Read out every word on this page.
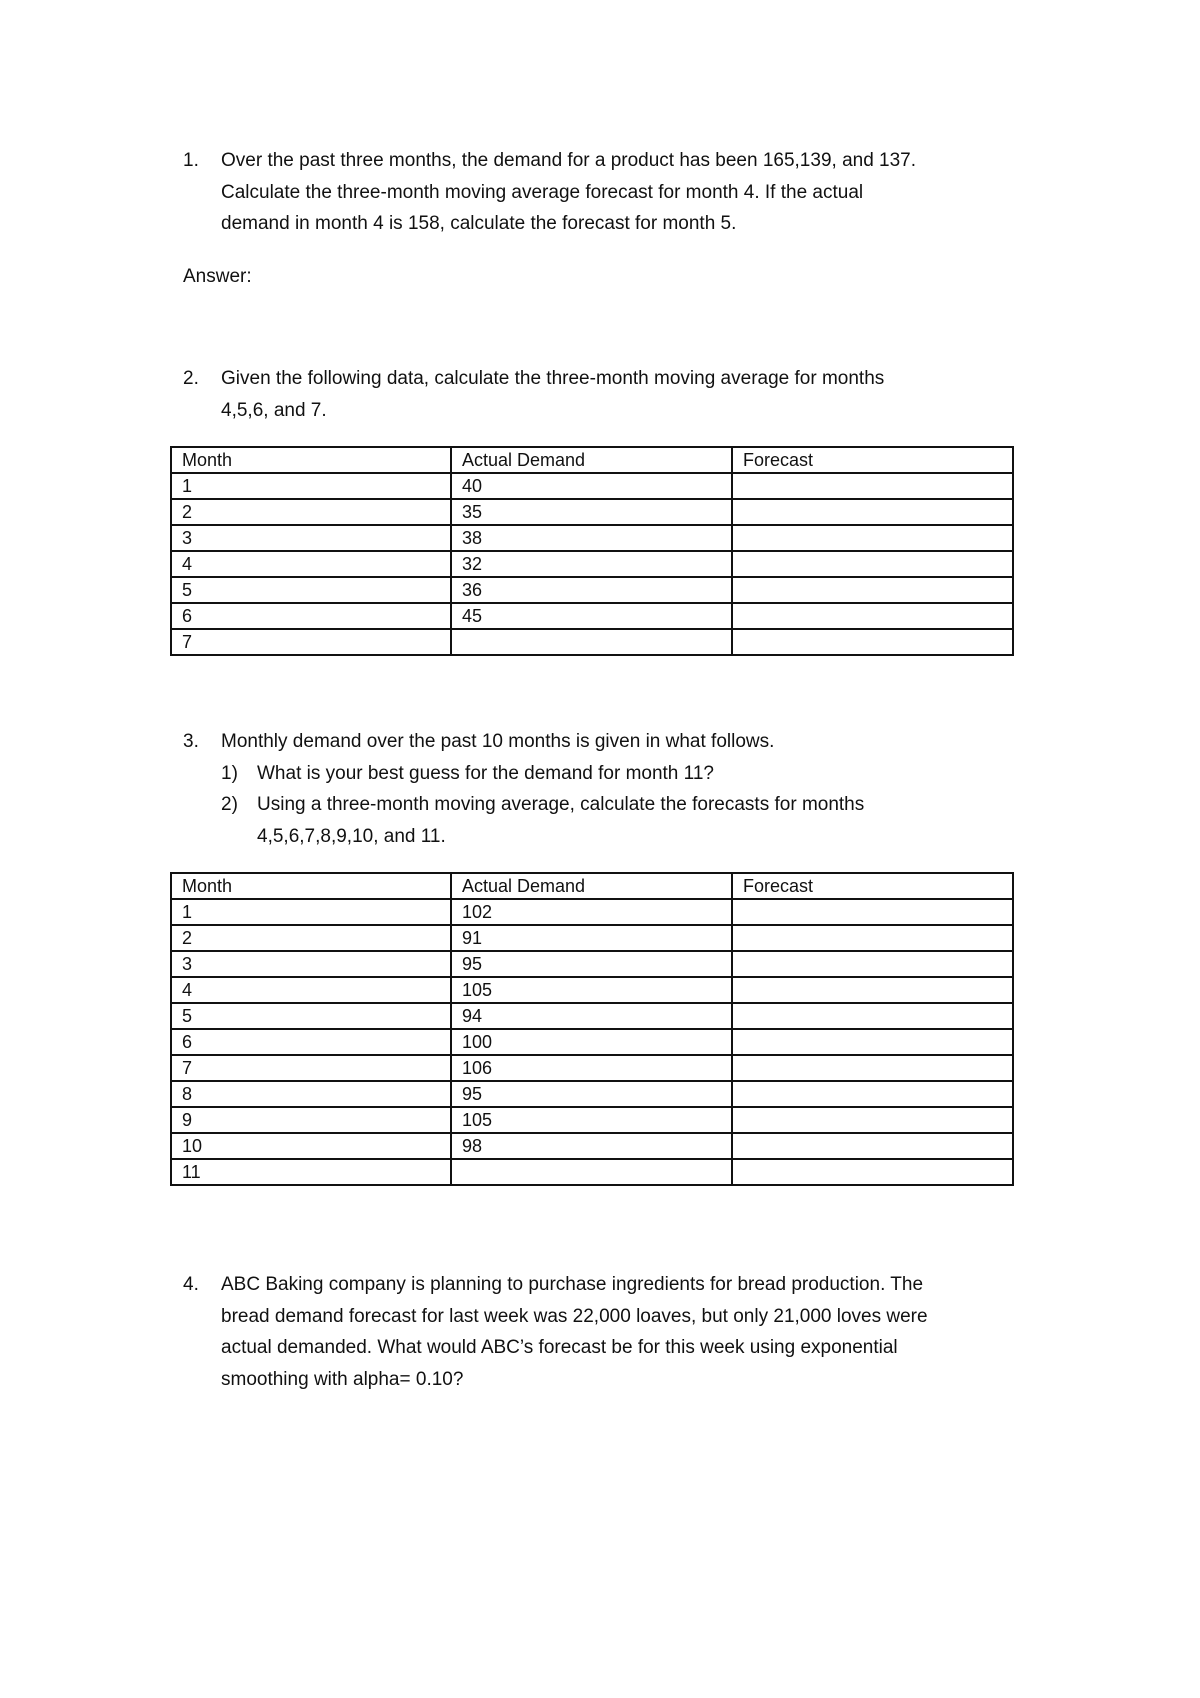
1. Over the past three months, the demand for a product has been 165,139, and 137.
Calculate the three-month moving average forecast for month 4. If the actual
demand in month 4 is 158, calculate the forecast for month 5.
Answer:
2. Given the following data, calculate the three-month moving average for months
4,5,6, and 7.
Month	Actual Demand	Forecast
1	40	
2	35	
3	38	
4	32	
5	36	
6	45	
7		
3. Monthly demand over the past 10 months is given in what follows.
1) What is your best guess for the demand for month 11?
2) Using a three-month moving average, calculate the forecasts for months
4,5,6,7,8,9,10, and 11.
Month	Actual Demand	Forecast
1	102	
2	91	
3	95	
4	105	
5	94	
6	100	
7	106	
8	95	
9	105	
10	98	
11		
4. ABC Baking company is planning to purchase ingredients for bread production. The
bread demand forecast for last week was 22,000 loaves, but only 21,000 loves were
actual demanded. What would ABC’s forecast be for this week using exponential
smoothing with alpha= 0.10?
